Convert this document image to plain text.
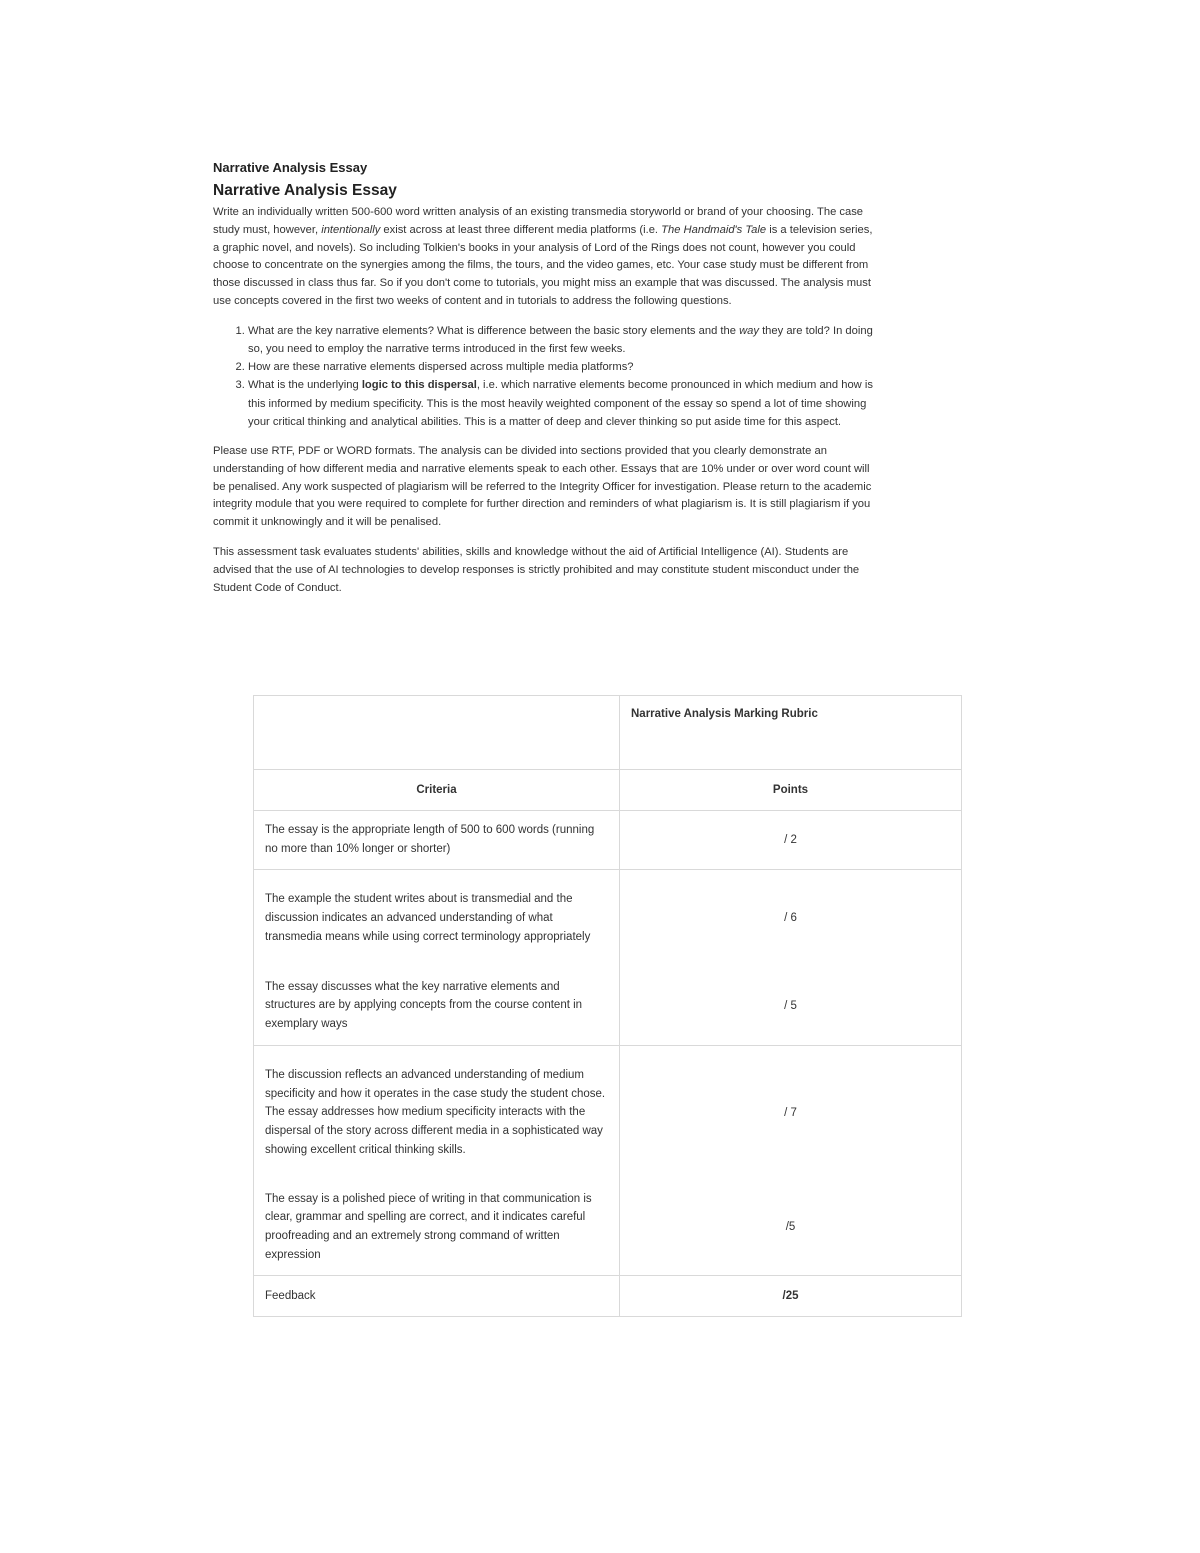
Narrative Analysis Essay
Narrative Analysis Essay

Write an individually written 500-600 word written analysis of an existing transmedia storyworld or brand of your choosing. The case study must, however, intentionally exist across at least three different media platforms (i.e. The Handmaid's Tale is a television series, a graphic novel, and novels). So including Tolkien's books in your analysis of Lord of the Rings does not count, however you could choose to concentrate on the synergies among the films, the tours, and the video games, etc. Your case study must be different from those discussed in class thus far. So if you don't come to tutorials, you might miss an example that was discussed. The analysis must use concepts covered in the first two weeks of content and in tutorials to address the following questions.

1. What are the key narrative elements? What is difference between the basic story elements and the way they are told? In doing so, you need to employ the narrative terms introduced in the first few weeks.
2. How are these narrative elements dispersed across multiple media platforms?
3. What is the underlying logic to this dispersal, i.e. which narrative elements become pronounced in which medium and how is this informed by medium specificity. This is the most heavily weighted component of the essay so spend a lot of time showing your critical thinking and analytical abilities. This is a matter of deep and clever thinking so put aside time for this aspect.

Please use RTF, PDF or WORD formats. The analysis can be divided into sections provided that you clearly demonstrate an understanding of how different media and narrative elements speak to each other. Essays that are 10% under or over word count will be penalised. Any work suspected of plagiarism will be referred to the Integrity Officer for investigation. Please return to the academic integrity module that you were required to complete for further direction and reminders of what plagiarism is. It is still plagiarism if you commit it unknowingly and it will be penalised.

This assessment task evaluates students' abilities, skills and knowledge without the aid of Artificial Intelligence (AI). Students are advised that the use of AI technologies to develop responses is strictly prohibited and may constitute student misconduct under the Student Code of Conduct.

	Narrative Analysis Marking Rubric
Criteria	Points
The essay is the appropriate length of 500 to 600 words (running no more than 10% longer or shorter)	/ 2
The example the student writes about is transmedial and the discussion indicates an advanced understanding of what transmedia means while using correct terminology appropriately	/ 6
The essay discusses what the key narrative elements and structures are by applying concepts from the course content in exemplary ways	/ 5
The discussion reflects an advanced understanding of medium specificity and how it operates in the case study the student chose. The essay addresses how medium specificity interacts with the dispersal of the story across different media in a sophisticated way showing excellent critical thinking skills.	/ 7
The essay is a polished piece of writing in that communication is clear, grammar and spelling are correct, and it indicates careful proofreading and an extremely strong command of written expression	/5
Feedback	/25
